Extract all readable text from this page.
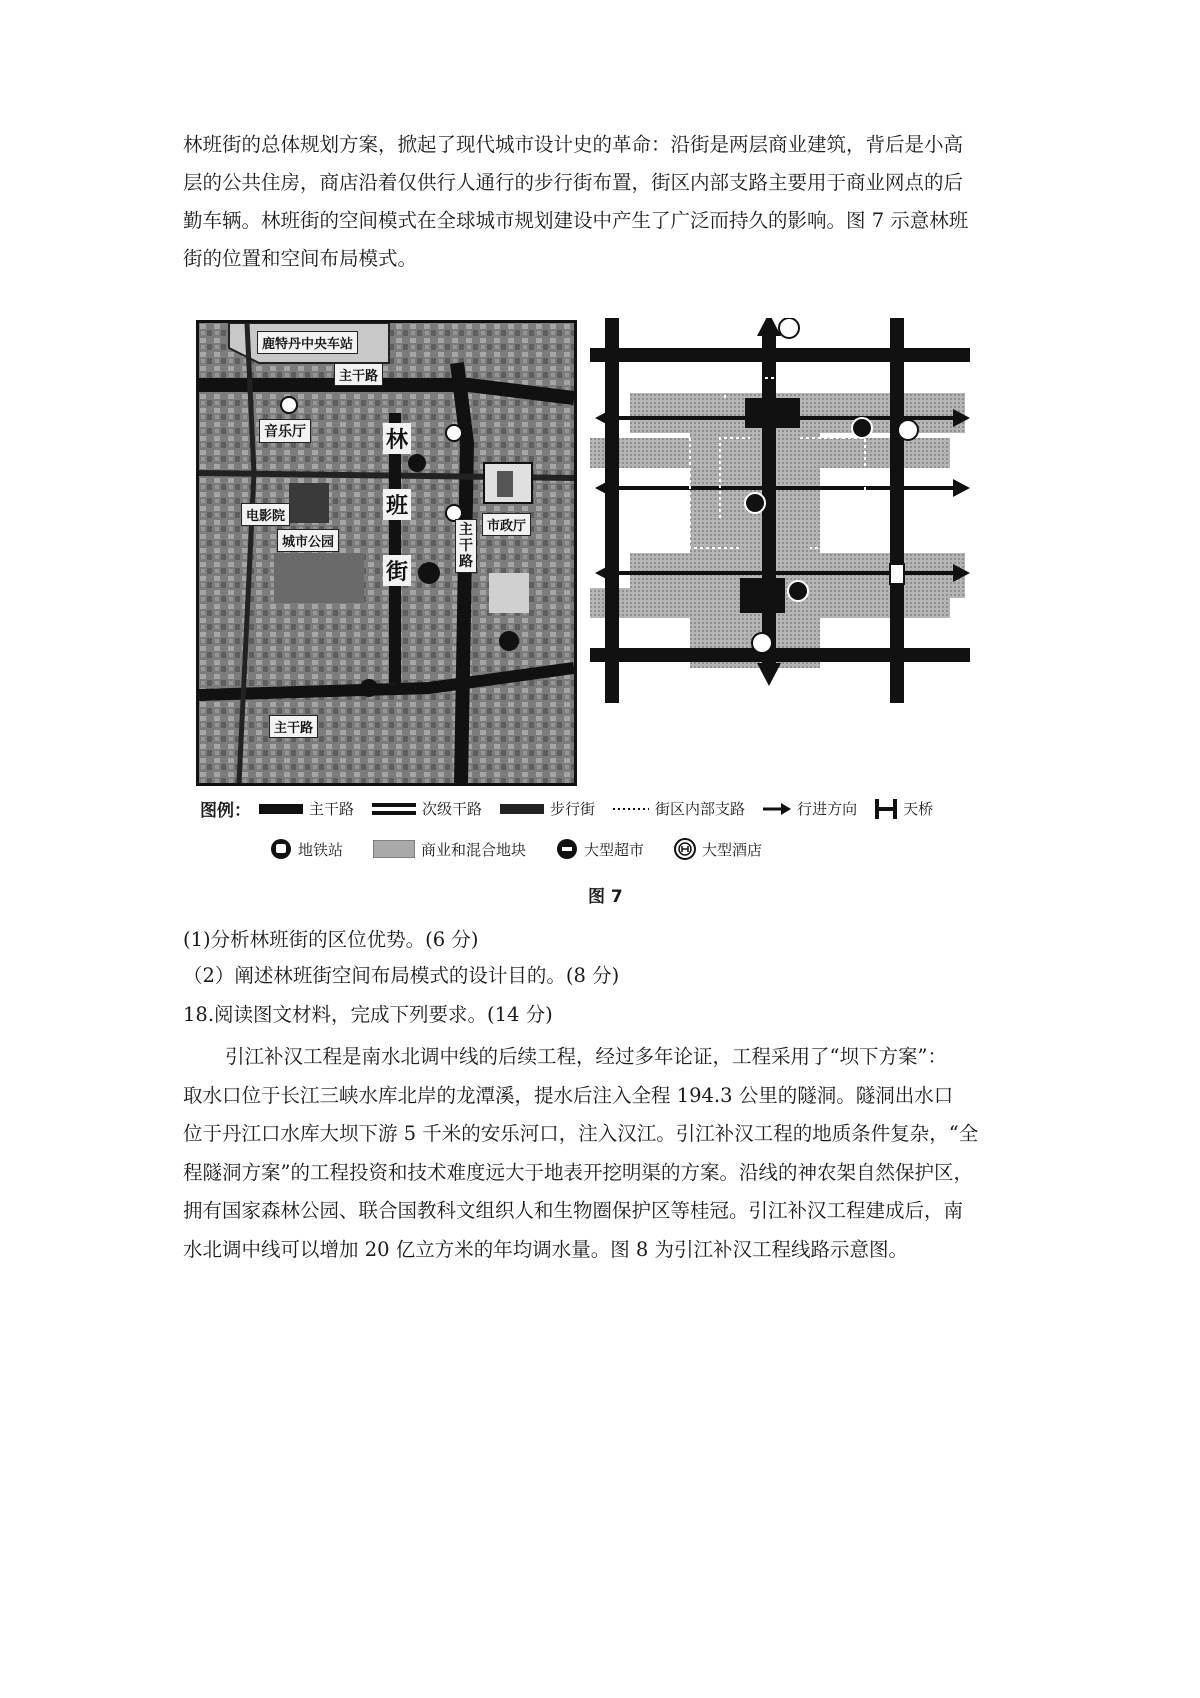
林班街的总体规划方案，掀起了现代城市设计史的革命：沿街是两层商业建筑，背后是小高
层的公共住房，商店沿着仅供行人通行的步行街布置，街区内部支路主要用于商业网点的后
勤车辆。林班街的空间模式在全球城市规划建设中产生了广泛而持久的影响。图 7 示意林班
街的位置和空间布局模式。
鹿特丹中央车站
主干路
音乐厅
电影院
城市公园
市政厅
主干路
林
班
街
主干路
图例：	主干路	次级干路	步行街	街区内部支路	行进方向	天桥
地铁站	商业和混合地块	大型超市	大型酒店
图 7
(1)分析林班街的区位优势。(6 分)
（2）阐述林班街空间布局模式的设计目的。(8 分)
18.阅读图文材料，完成下列要求。(14 分)
引江补汉工程是南水北调中线的后续工程，经过多年论证，工程采用了“坝下方案”：
取水口位于长江三峡水库北岸的龙潭溪，提水后注入全程 194.3 公里的隧洞。隧洞出水口
位于丹江口水库大坝下游 5 千米的安乐河口，注入汉江。引江补汉工程的地质条件复杂，“全
程隧洞方案”的工程投资和技术难度远大于地表开挖明渠的方案。沿线的神农架自然保护区，
拥有国家森林公园、联合国教科文组织人和生物圈保护区等桂冠。引江补汉工程建成后，南
水北调中线可以增加 20 亿立方米的年均调水量。图 8 为引江补汉工程线路示意图。
